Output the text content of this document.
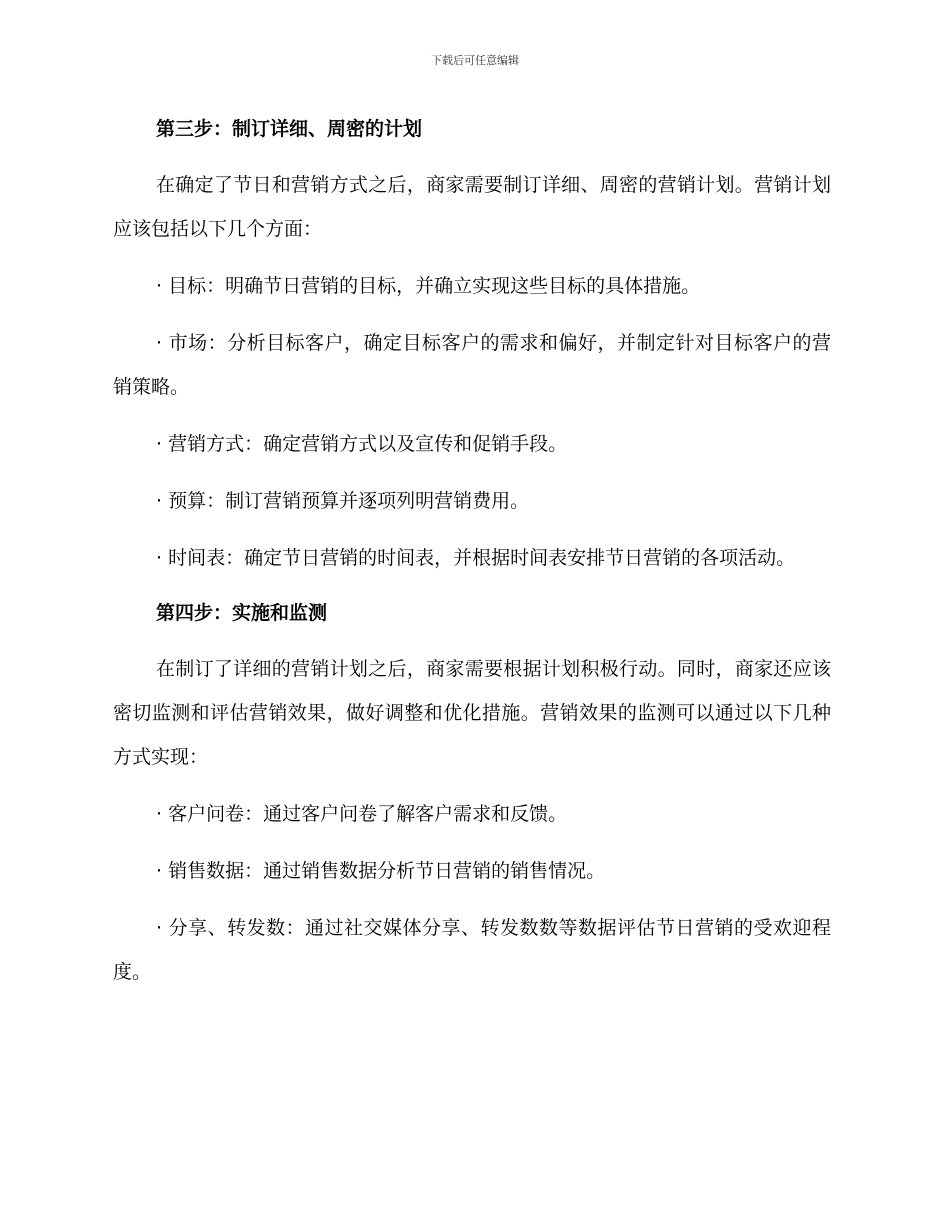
下载后可任意编辑

第三步：制订详细、周密的计划

在确定了节日和营销方式之后，商家需要制订详细、周密的营销计划。营销计划应该包括以下几个方面：

· 目标：明确节日营销的目标，并确立实现这些目标的具体措施。

· 市场：分析目标客户，确定目标客户的需求和偏好，并制定针对目标客户的营销策略。

· 营销方式：确定营销方式以及宣传和促销手段。

· 预算：制订营销预算并逐项列明营销费用。

· 时间表：确定节日营销的时间表，并根据时间表安排节日营销的各项活动。

第四步：实施和监测

在制订了详细的营销计划之后，商家需要根据计划积极行动。同时，商家还应该密切监测和评估营销效果，做好调整和优化措施。营销效果的监测可以通过以下几种方式实现：

· 客户问卷：通过客户问卷了解客户需求和反馈。

· 销售数据：通过销售数据分析节日营销的销售情况。

· 分享、转发数：通过社交媒体分享、转发数数等数据评估节日营销的受欢迎程度。
